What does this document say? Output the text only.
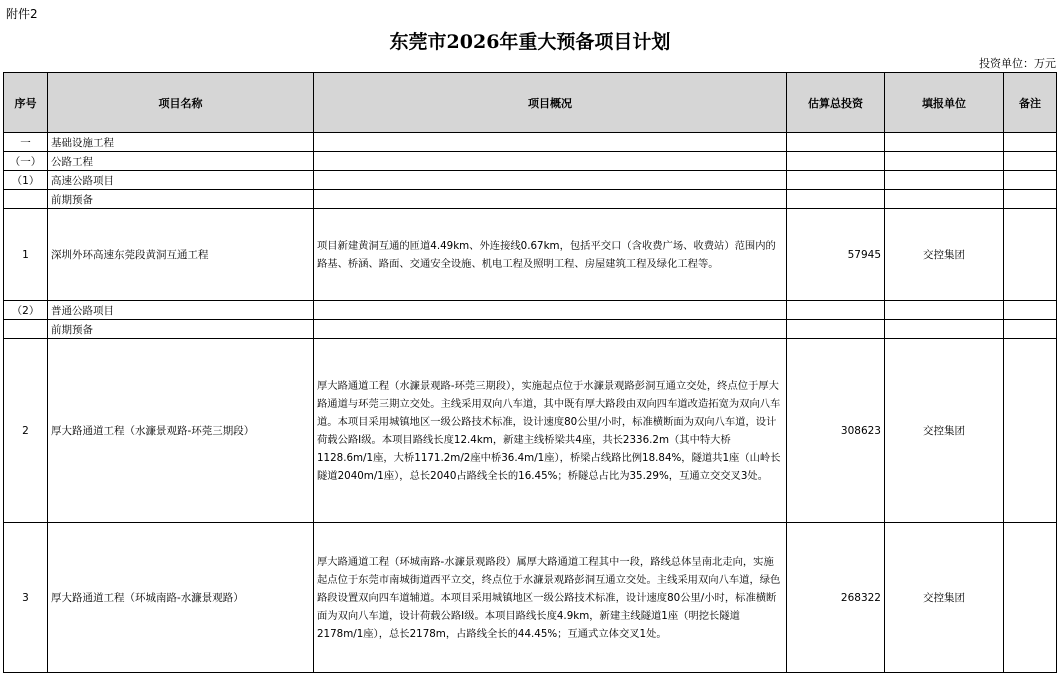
附件2
东莞市2026年重大预备项目计划
投资单位：万元
序号	项目名称	项目概况	估算总投资	填报单位	备注
一	基础设施工程				
（一）	公路工程				
（1）	高速公路项目				
	前期预备				
1	深圳外环高速东莞段黄洞互通工程	项目新建黄洞互通的匝道4.49km、外连接线0.67km，包括平交口（含收费广场、收费站）范围内的路基、桥涵、路面、交通安全设施、机电工程及照明工程、房屋建筑工程及绿化工程等。	57945	交控集团	
（2）	普通公路项目				
	前期预备				
2	厚大路通道工程（水濂景观路-环莞三期段）	厚大路通道工程（水濂景观路-环莞三期段），实施起点位于水濂景观路彭洞互通立交处，终点位于厚大路通道与环莞三期立交处。主线采用双向八车道，其中既有厚大路段由双向四车道改造拓宽为双向八车道。本项目采用城镇地区一级公路技术标准，设计速度80公里/小时，标准横断面为双向八车道，设计荷载公路I级。本项目路线长度12.4km，新建主线桥梁共4座，共长2336.2m（其中特大桥1128.6m/1座，大桥1171.2m/2座中桥36.4m/1座），桥梁占线路比例18.84%，隧道共1座（山岭长隧道2040m/1座），总长2040占路线全长的16.45%；桥隧总占比为35.29%，互通立交交叉3处。	308623	交控集团	
3	厚大路通道工程（环城南路-水濂景观路）	厚大路通道工程（环城南路-水濂景观路段）属厚大路通道工程其中一段，路线总体呈南北走向，实施起点位于东莞市南城街道西平立交，终点位于水濂景观路彭洞互通立交处。主线采用双向八车道，绿色路段设置双向四车道辅道。本项目采用城镇地区一级公路技术标准，设计速度80公里/小时，标准横断面为双向八车道，设计荷载公路I级。本项目路线长度4.9km，新建主线隧道1座（明挖长隧道2178m/1座），总长2178m，占路线全长的44.45%；互通式立体交叉1处。	268322	交控集团	
